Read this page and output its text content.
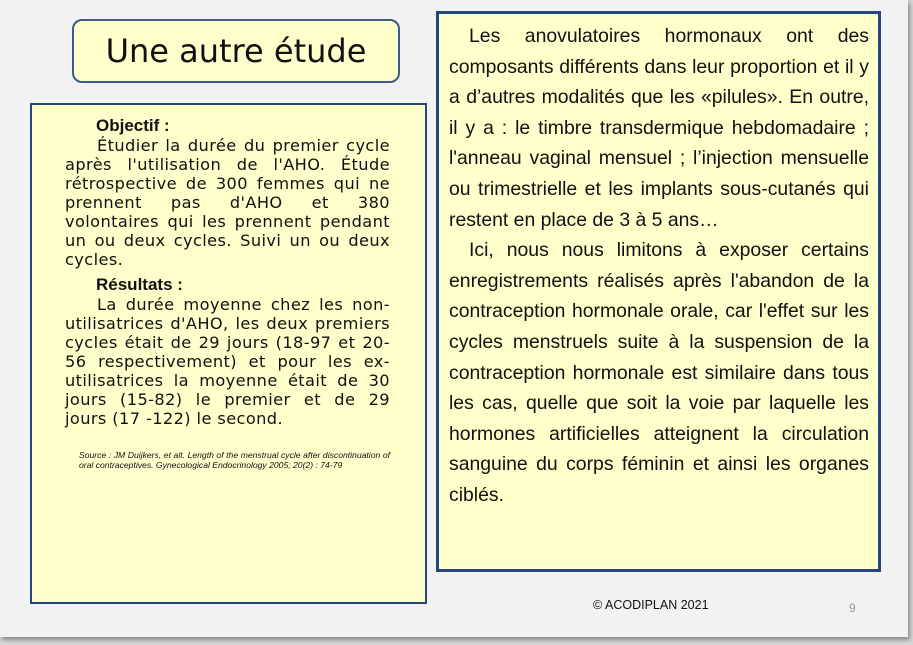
Une autre étude
Objectif :

Étudier la durée du premier cycle après l'utilisation de l'AHO. Étude rétrospective de 300 femmes qui ne prennent pas d'AHO et 380 volontaires qui les prennent pendant un ou deux cycles. Suivi un ou deux cycles.

Résultats :

La durée moyenne chez les non-utilisatrices d'AHO, les deux premiers cycles était de 29 jours (18-97 et 20-56 respectivement) et pour les ex-utilisatrices la moyenne était de 30 jours (15-82) le premier et de 29 jours (17 -122) le second.

Source : JM Duijkers, et alt. Length of the menstrual cycle after discontinuation of oral contraceptives. Gynecological Endocrinology 2005; 20(2) : 74-79

Les anovulatoires hormonaux ont des composants différents dans leur proportion et il y a d’autres modalités que les «pilules». En outre, il y a : le timbre transdermique hebdomadaire ; l'anneau vaginal mensuel ; l’injection mensuelle ou trimestrielle et les implants sous-cutanés qui restent en place de 3 à 5 ans…

Ici, nous nous limitons à exposer certains enregistrements réalisés après l'abandon de la contraception hormonale orale, car l'effet sur les cycles menstruels suite à la suspension de la contraception hormonale est similaire dans tous les cas, quelle que soit la voie par laquelle les hormones artificielles atteignent la circulation sanguine du corps féminin et ainsi les organes ciblés.

© ACODIPLAN 2021	9
